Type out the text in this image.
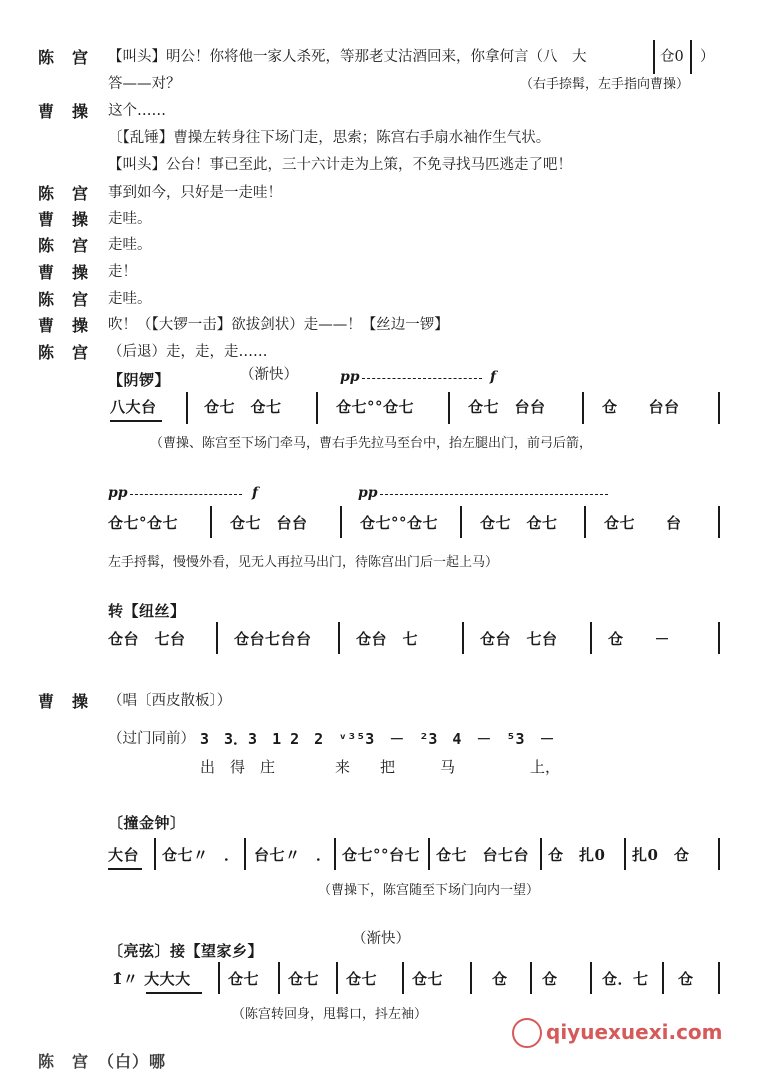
陈　宫 【叫头】明公！你将他一家人杀死，等那老丈沽酒回来，你拿何言（八　大	仓0 ）
答——对？	（右手捺髯，左手指向曹操）
曹　操 这个……
〔【乱锤】曹操左转身往下场门走，思索；陈宫右手扇水袖作生气状。
【叫头】公台！事已至此，三十六计走为上策，不免寻找马匹逃走了吧！
陈　宫 事到如今，只好是一走哇！
曹　操 走哇。
陈　宫 走哇。
曹　操 走！
陈　宫 走哇。
曹　操 吹！（【大锣一击】欲拔剑状）走——！【丝边一锣】
陈　宫 （后退）走，走，走……
【阴锣】	（渐快）	pp	f
八大台	仓七　仓七	仓七°°仓七	仓七　台台	仓　　台台
（曹操、陈宫至下场门牵马，曹右手先拉马至台中，抬左腿出门，前弓后箭，
pp	f	pp
仓七°仓七	仓七　台台	仓七°°仓七	仓七　仓七	仓七　　台
左手捋髯，慢慢外看，见无人再拉马出门，待陈宫出门后一起上马）
转【纽丝】
仓台　七台	仓台七台台	仓台　七	仓台　七台	仓　　－
曹　操 （唱〔西皮散板〕）
（过门同前） 3　3．3　1 2　2　ᵛ³⁵3　－　²3　4　－　⁵3　－
出　得　庄　　　　来　　把　　　马　　　　　上，
〔撞金钟〕
大台 仓七〃　． 台七〃　． 仓七°°台七 仓七　台七台 仓　扎0 扎0　仓
（曹操下，陈宫随至下场门向内一望）
〔亮弦〕接【望家乡】
（渐快）
1̂〃 大大大 仓七 仓七 仓七 仓七	仓 仓	仓．七 仓
（陈宫转回身，甩髯口，抖左袖）
陈　宫　（白）哪
qiyuexuexi.com
